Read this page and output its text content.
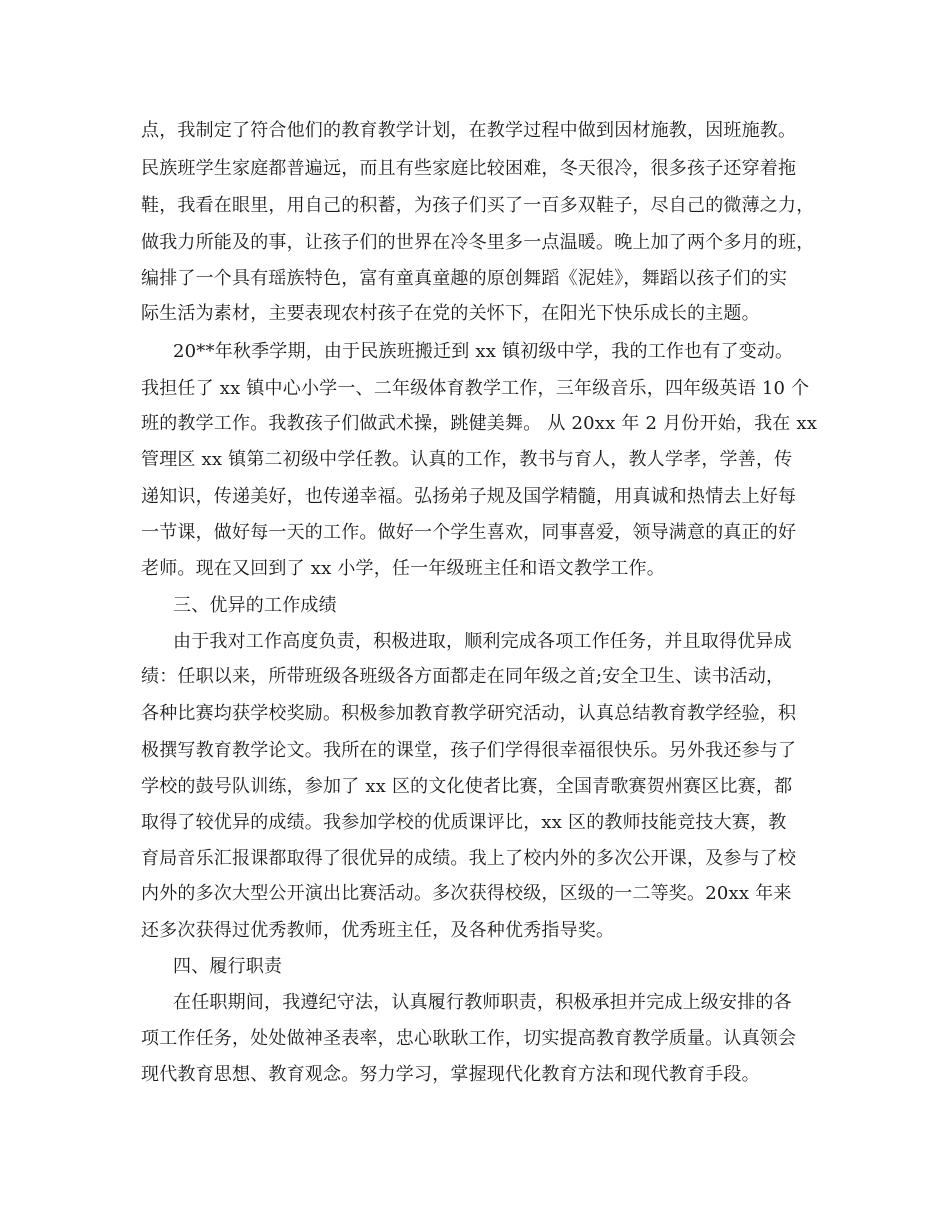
点，我制定了符合他们的教育教学计划，在教学过程中做到因材施教，因班施教。
民族班学生家庭都普遍远，而且有些家庭比较困难，冬天很冷，很多孩子还穿着拖
鞋，我看在眼里，用自己的积蓄，为孩子们买了一百多双鞋子，尽自己的微薄之力，
做我力所能及的事，让孩子们的世界在冷冬里多一点温暖。晚上加了两个多月的班，
编排了一个具有瑶族特色，富有童真童趣的原创舞蹈《泥娃》，舞蹈以孩子们的实
际生活为素材，主要表现农村孩子在党的关怀下，在阳光下快乐成长的主题。
20**年秋季学期，由于民族班搬迁到 xx 镇初级中学，我的工作也有了变动。
我担任了 xx 镇中心小学一、二年级体育教学工作，三年级音乐，四年级英语 10 个
班的教学工作。我教孩子们做武术操，跳健美舞。 从 20xx 年 2 月份开始，我在 xx
管理区 xx 镇第二初级中学任教。认真的工作，教书与育人，教人学孝，学善，传
递知识，传递美好，也传递幸福。弘扬弟子规及国学精髓，用真诚和热情去上好每
一节课，做好每一天的工作。做好一个学生喜欢，同事喜爱，领导满意的真正的好
老师。现在又回到了 xx 小学，任一年级班主任和语文教学工作。
三、优异的工作成绩
由于我对工作高度负责，积极进取，顺利完成各项工作任务，并且取得优异成
绩：任职以来，所带班级各班级各方面都走在同年级之首;安全卫生、读书活动，
各种比赛均获学校奖励。积极参加教育教学研究活动，认真总结教育教学经验，积
极撰写教育教学论文。我所在的课堂，孩子们学得很幸福很快乐。另外我还参与了
学校的鼓号队训练，参加了 xx 区的文化使者比赛，全国青歌赛贺州赛区比赛，都
取得了较优异的成绩。我参加学校的优质课评比，xx 区的教师技能竞技大赛，教
育局音乐汇报课都取得了很优异的成绩。我上了校内外的多次公开课，及参与了校
内外的多次大型公开演出比赛活动。多次获得校级，区级的一二等奖。20xx 年来
还多次获得过优秀教师，优秀班主任，及各种优秀指导奖。
四、履行职责
在任职期间，我遵纪守法，认真履行教师职责，积极承担并完成上级安排的各
项工作任务，处处做神圣表率，忠心耿耿工作，切实提高教育教学质量。认真领会
现代教育思想、教育观念。努力学习，掌握现代化教育方法和现代教育手段。
